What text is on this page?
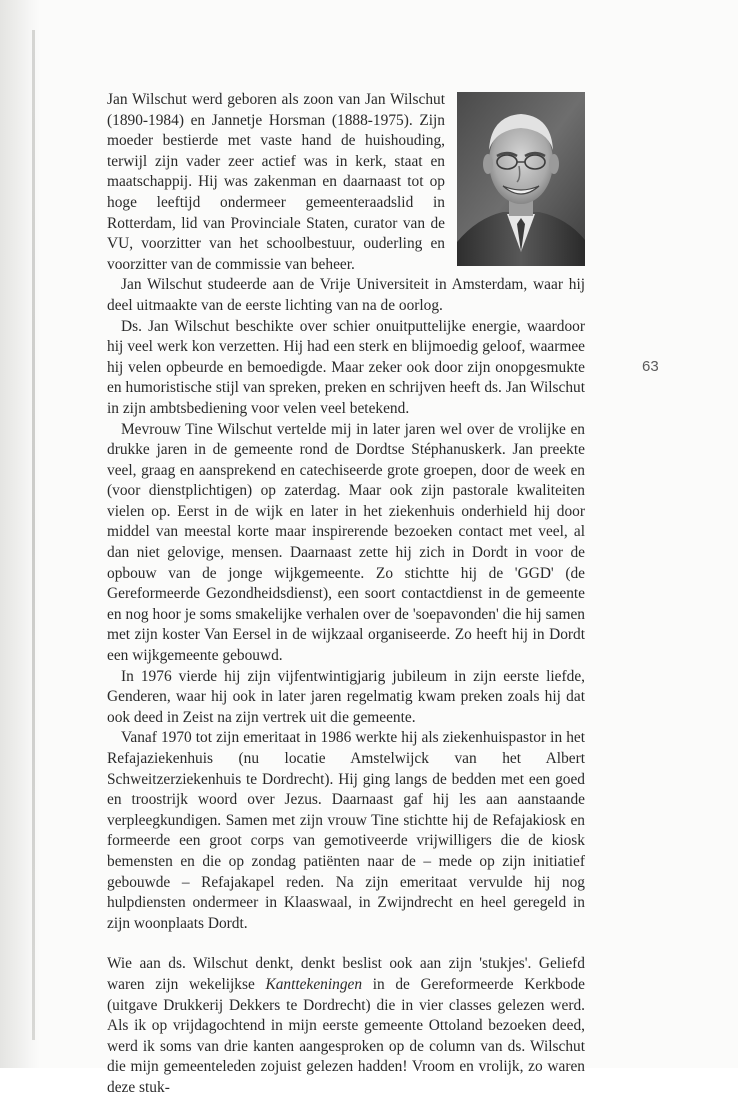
Jan Wilschut werd geboren als zoon van Jan Wilschut (1890-1984) en Jannetje Horsman (1888-1975). Zijn moeder bestierde met vaste hand de huishouding, terwijl zijn vader zeer actief was in kerk, staat en maatschappij. Hij was zakenman en daarnaast tot op hoge leeftijd ondermeer gemeenteraadslid in Rotterdam, lid van Provinciale Staten, curator van de VU, voorzitter van het schoolbestuur, ouderling en voorzitter van de commissie van beheer.

Jan Wilschut studeerde aan de Vrije Universiteit in Amsterdam, waar hij deel uitmaakte van de eerste lichting van na de oorlog.

Ds. Jan Wilschut beschikte over schier onuitputtelijke energie, waardoor hij veel werk kon verzetten. Hij had een sterk en blijmoedig geloof, waarmee hij velen opbeurde en bemoedigde. Maar zeker ook door zijn onopgesmukte en humoristische stijl van spreken, preken en schrijven heeft ds. Jan Wilschut in zijn ambtsbediening voor velen veel betekend.

Mevrouw Tine Wilschut vertelde mij in later jaren wel over de vrolijke en drukke jaren in de gemeente rond de Dordtse Stéphanuskerk. Jan preekte veel, graag en aansprekend en catechiseerde grote groepen, door de week en (voor dienstplichtigen) op zaterdag. Maar ook zijn pastorale kwaliteiten vielen op. Eerst in de wijk en later in het ziekenhuis onderhield hij door middel van meestal korte maar inspirerende bezoeken contact met veel, al dan niet gelovige, mensen. Daarnaast zette hij zich in Dordt in voor de opbouw van de jonge wijkgemeente. Zo stichtte hij de 'GGD' (de Gereformeerde Gezondheidsdienst), een soort contactdienst in de gemeente en nog hoor je soms smakelijke verhalen over de 'soepavonden' die hij samen met zijn koster Van Eersel in de wijkzaal organiseerde. Zo heeft hij in Dordt een wijkgemeente gebouwd.

In 1976 vierde hij zijn vijfentwintigjarig jubileum in zijn eerste liefde, Genderen, waar hij ook in later jaren regelmatig kwam preken zoals hij dat ook deed in Zeist na zijn vertrek uit die gemeente.

Vanaf 1970 tot zijn emeritaat in 1986 werkte hij als ziekenhuispastor in het Refajaziekenhuis (nu locatie Amstelwijck van het Albert Schweitzerziekenhuis te Dordrecht). Hij ging langs de bedden met een goed en troostrijk woord over Jezus. Daarnaast gaf hij les aan aanstaande verpleegkundigen. Samen met zijn vrouw Tine stichtte hij de Refajakiosk en formeerde een groot corps van gemotiveerde vrijwilligers die de kiosk bemensten en die op zondag patiënten naar de – mede op zijn initiatief gebouwde – Refajakapel reden. Na zijn emeritaat vervulde hij nog hulpdiensten ondermeer in Klaaswaal, in Zwijndrecht en heel geregeld in zijn woonplaats Dordt.

Wie aan ds. Wilschut denkt, denkt beslist ook aan zijn 'stukjes'. Geliefd waren zijn wekelijkse Kanttekeningen in de Gereformeerde Kerkbode (uitgave Drukkerij Dekkers te Dordrecht) die in vier classes gelezen werd. Als ik op vrijdagochtend in mijn eerste gemeente Ottoland bezoeken deed, werd ik soms van drie kanten aangesproken op de column van ds. Wilschut die mijn gemeenteleden zojuist gelezen hadden! Vroom en vrolijk, zo waren deze stuk-

63
